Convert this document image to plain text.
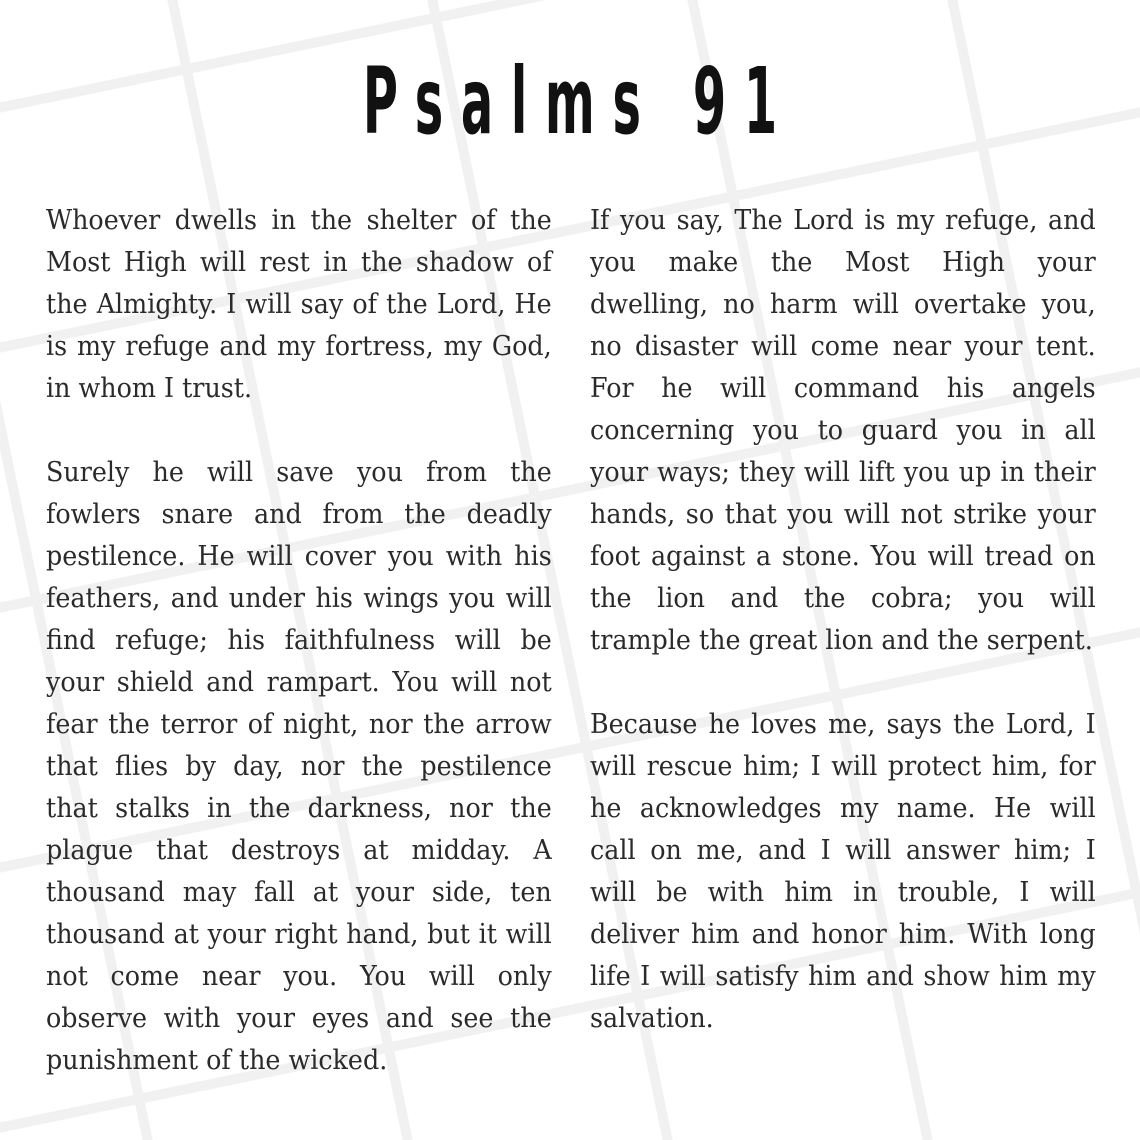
Psalms 91

Whoever dwells in the shelter of the Most High will rest in the shadow of the Almighty. I will say of the Lord, He is my refuge and my fortress, my God, in whom I trust.

Surely he will save you from the fowlers snare and from the deadly pestilence. He will cover you with his feathers, and under his wings you will find refuge; his faithfulness will be your shield and rampart. You will not fear the terror of night, nor the arrow that flies by day, nor the pestilence that stalks in the darkness, nor the plague that destroys at midday. A thousand may fall at your side, ten thousand at your right hand, but it will not come near you. You will only observe with your eyes and see the punishment of the wicked.

If you say, The Lord is my refuge, and you make the Most High your dwelling, no harm will overtake you, no disaster will come near your tent. For he will command his angels concerning you to guard you in all your ways; they will lift you up in their hands, so that you will not strike your foot against a stone. You will tread on the lion and the cobra; you will trample the great lion and the serpent.

Because he loves me, says the Lord, I will rescue him; I will protect him, for he acknowledges my name. He will call on me, and I will answer him; I will be with him in trouble, I will deliver him and honor him. With long life I will satisfy him and show him my salvation.
